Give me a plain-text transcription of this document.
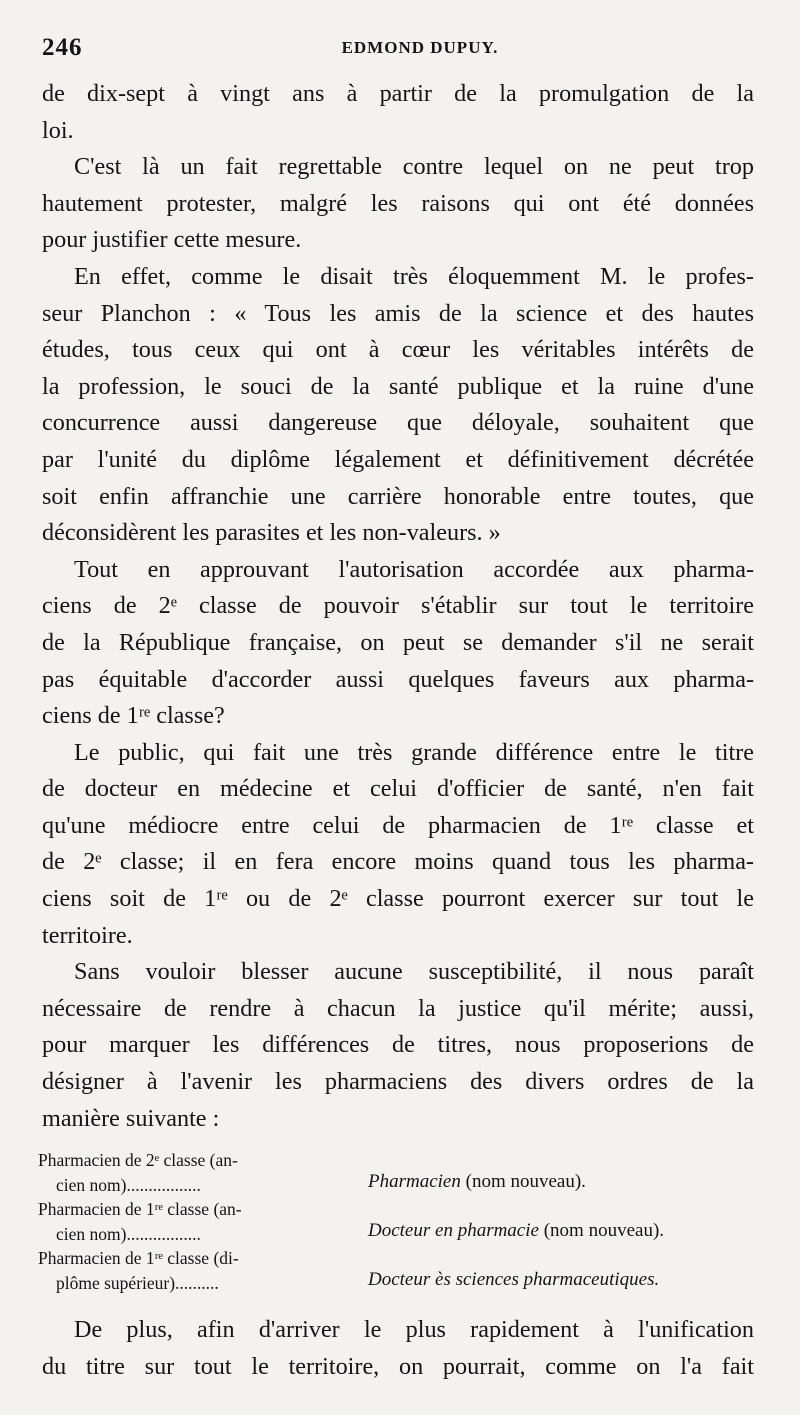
246	EDMOND DUPUY.
de dix-sept à vingt ans à partir de la promulgation de la
loi.
C'est là un fait regrettable contre lequel on ne peut trop
hautement protester, malgré les raisons qui ont été données
pour justifier cette mesure.
En effet, comme le disait très éloquemment M. le profes-
seur Planchon : « Tous les amis de la science et des hautes
études, tous ceux qui ont à cœur les véritables intérêts de
la profession, le souci de la santé publique et la ruine d'une
concurrence aussi dangereuse que déloyale, souhaitent que
par l'unité du diplôme légalement et définitivement décrétée
soit enfin affranchie une carrière honorable entre toutes, que
déconsidèrent les parasites et les non-valeurs. »
Tout en approuvant l'autorisation accordée aux pharma-
ciens de 2ᵉ classe de pouvoir s'établir sur tout le territoire
de la République française, on peut se demander s'il ne serait
pas équitable d'accorder aussi quelques faveurs aux pharma-
ciens de 1ʳᵉ classe?
Le public, qui fait une très grande différence entre le titre
de docteur en médecine et celui d'officier de santé, n'en fait
qu'une médiocre entre celui de pharmacien de 1ʳᵉ classe et
de 2ᵉ classe; il en fera encore moins quand tous les pharma-
ciens soit de 1ʳᵉ ou de 2ᵉ classe pourront exercer sur tout le
territoire.
Sans vouloir blesser aucune susceptibilité, il nous paraît
nécessaire de rendre à chacun la justice qu'il mérite; aussi,
pour marquer les différences de titres, nous proposerions de
désigner à l'avenir les pharmaciens des divers ordres de la
manière suivante :
Pharmacien de 2ᵉ classe (an-
cien nom).................	Pharmacien (nom nouveau).
Pharmacien de 1ʳᵉ classe (an-
cien nom).................	Docteur en pharmacie (nom nouveau).
Pharmacien de 1ʳᵉ classe (di-
plôme supérieur)..........	Docteur ès sciences pharmaceutiques.
De plus, afin d'arriver le plus rapidement à l'unification
du titre sur tout le territoire, on pourrait, comme on l'a fait
